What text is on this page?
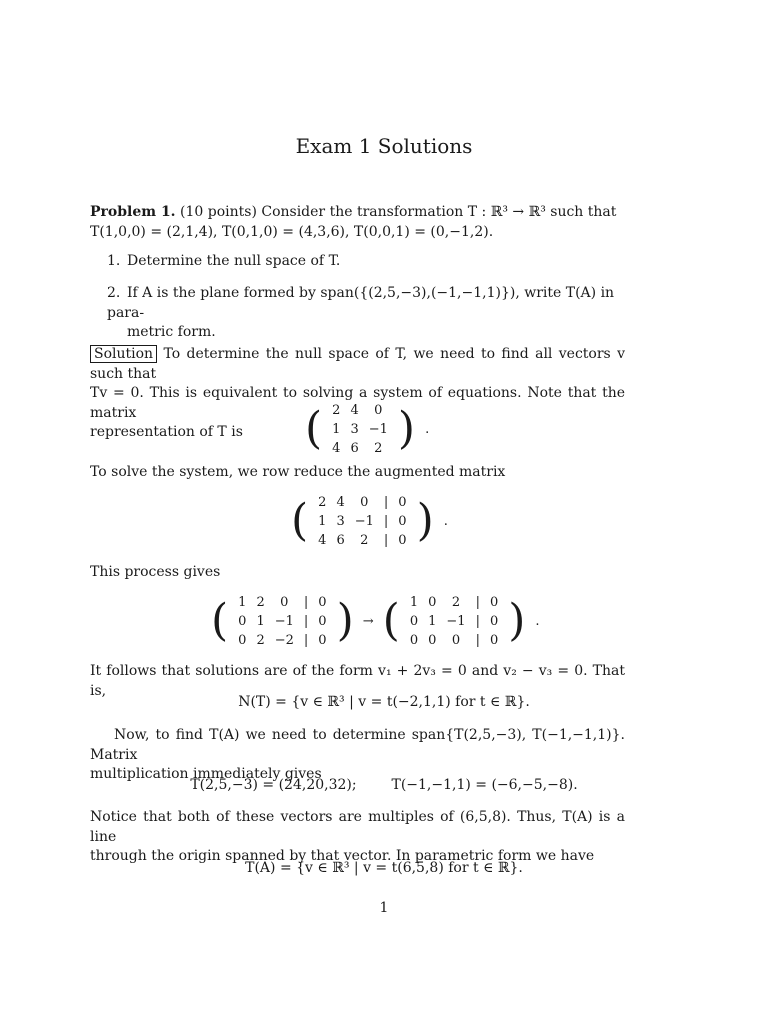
Exam 1 Solutions
Problem 1. (10 points) Consider the transformation T : ℝ³ → ℝ³ such that
T(1,0,0) = (2,1,4), T(0,1,0) = (4,3,6), T(0,0,1) = (0,−1,2).
1. Determine the null space of T.
2. If A is the plane formed by span({(2,5,−3),(−1,−1,1)}), write T(A) in para-
metric form.
Solution To determine the null space of T, we need to find all vectors v such that
Tv = 0. This is equivalent to solving a system of equations. Note that the matrix
representation of T is	(	2	4	0
1	3	−1
4	6	2
	)	.
To solve the system, we row reduce the augmented matrix
(	2	4	0	|	0
1	3	−1	|	0
4	6	2	|	0
	)	.
This process gives
(	1	2	0	|	0
0	1	−1	|	0
0	2	−2	|	0
	)	→	(	1	0	2	|	0
0	1	−1	|	0
0	0	0	|	0
	)	.
It follows that solutions are of the form v₁ + 2v₃ = 0 and v₂ − v₃ = 0. That is,
N(T) = {v ∈ ℝ³ | v = t(−2,1,1) for t ∈ ℝ}.
Now, to find T(A) we need to determine span{T(2,5,−3), T(−1,−1,1)}. Matrix
multiplication immediately gives
T(2,5,−3) = (24,20,32); T(−1,−1,1) = (−6,−5,−8).
Notice that both of these vectors are multiples of (6,5,8). Thus, T(A) is a line
through the origin spanned by that vector. In parametric form we have
T(A) = {v ∈ ℝ³ | v = t(6,5,8) for t ∈ ℝ}.
1
